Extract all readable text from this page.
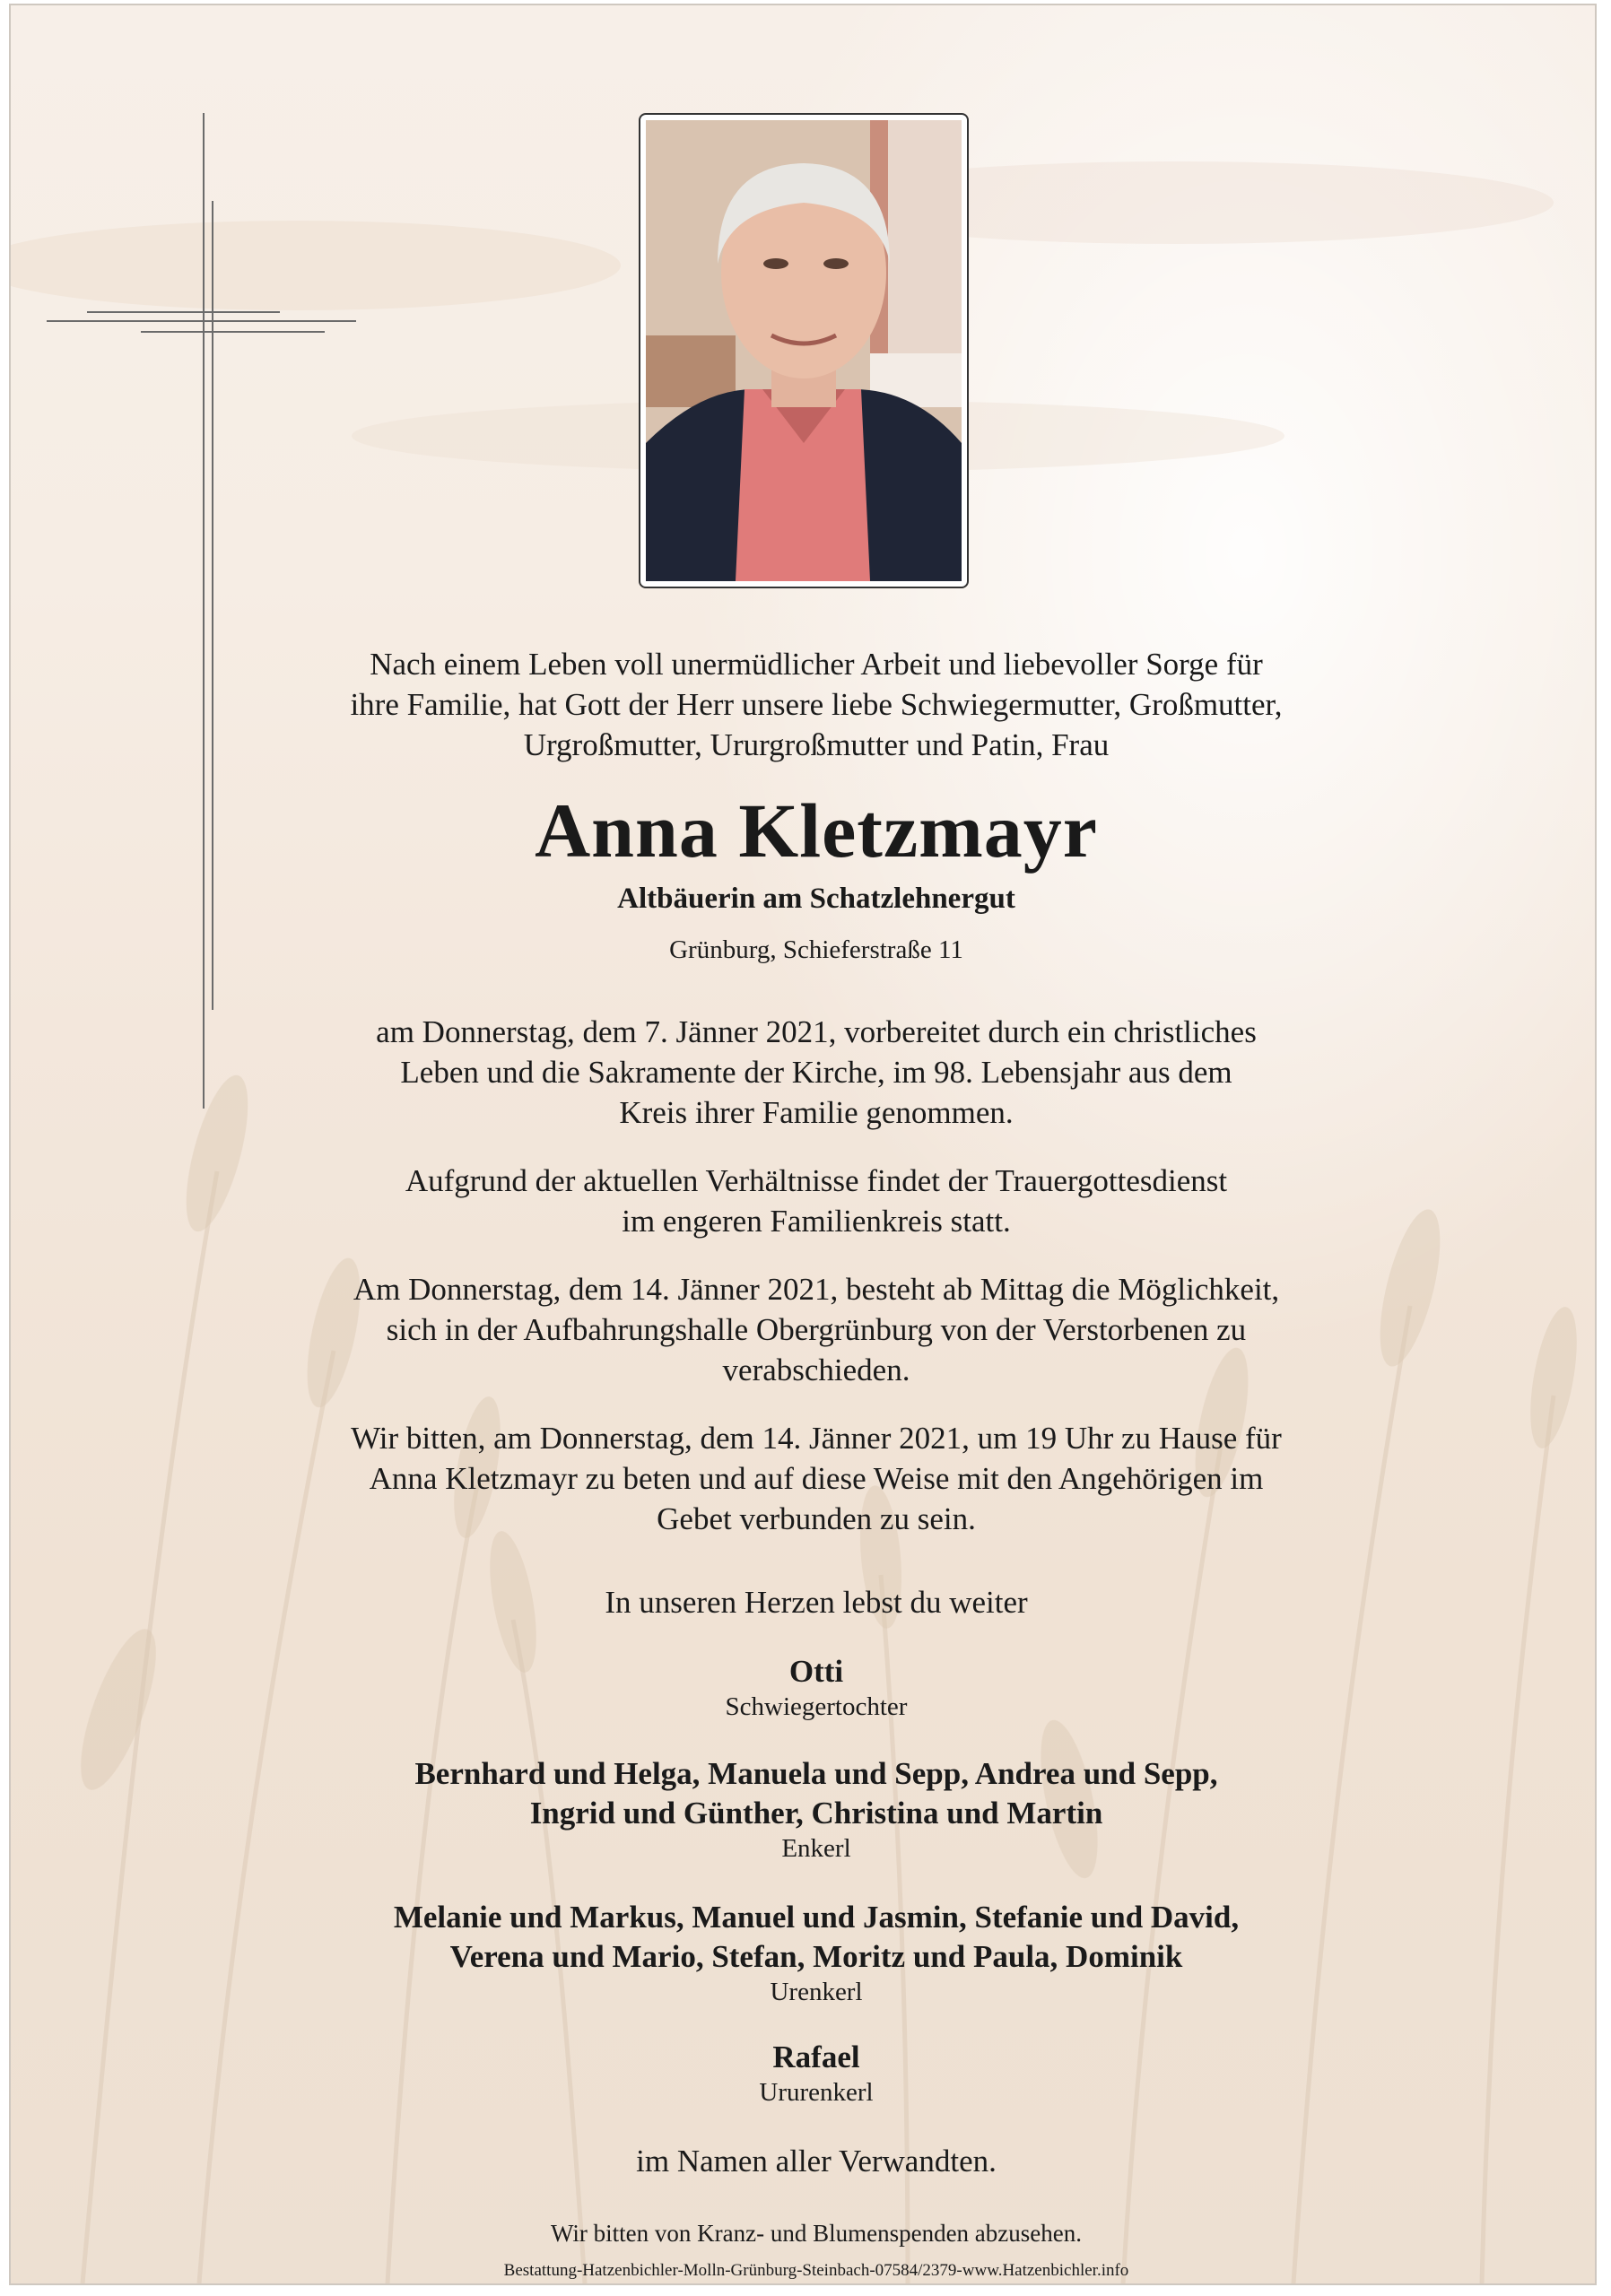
Nach einem Leben voll unermüdlicher Arbeit und liebevoller Sorge für
ihre Familie, hat Gott der Herr unsere liebe Schwiegermutter, Großmutter,
Urgroßmutter, Ururgroßmutter und Patin, Frau
Anna Kletzmayr
Altbäuerin am Schatzlehnergut
Grünburg, Schieferstraße 11
am Donnerstag, dem 7. Jänner 2021, vorbereitet durch ein christliches
Leben und die Sakramente der Kirche, im 98. Lebensjahr aus dem
Kreis ihrer Familie genommen.
Aufgrund der aktuellen Verhältnisse findet der Trauergottesdienst
im engeren Familienkreis statt.
Am Donnerstag, dem 14. Jänner 2021, besteht ab Mittag die Möglichkeit,
sich in der Aufbahrungshalle Obergrünburg von der Verstorbenen zu
verabschieden.
Wir bitten, am Donnerstag, dem 14. Jänner 2021, um 19 Uhr zu Hause für
Anna Kletzmayr zu beten und auf diese Weise mit den Angehörigen im
Gebet verbunden zu sein.
In unseren Herzen lebst du weiter
Otti
Schwiegertochter
Bernhard und Helga, Manuela und Sepp, Andrea und Sepp,
Ingrid und Günther, Christina und Martin
Enkerl
Melanie und Markus, Manuel und Jasmin, Stefanie und David,
Verena und Mario, Stefan, Moritz und Paula, Dominik
Urenkerl
Rafael
Ururenkerl
im Namen aller Verwandten.
Wir bitten von Kranz- und Blumenspenden abzusehen.
Bestattung-Hatzenbichler-Molln-Grünburg-Steinbach-07584/2379-www.Hatzenbichler.info
